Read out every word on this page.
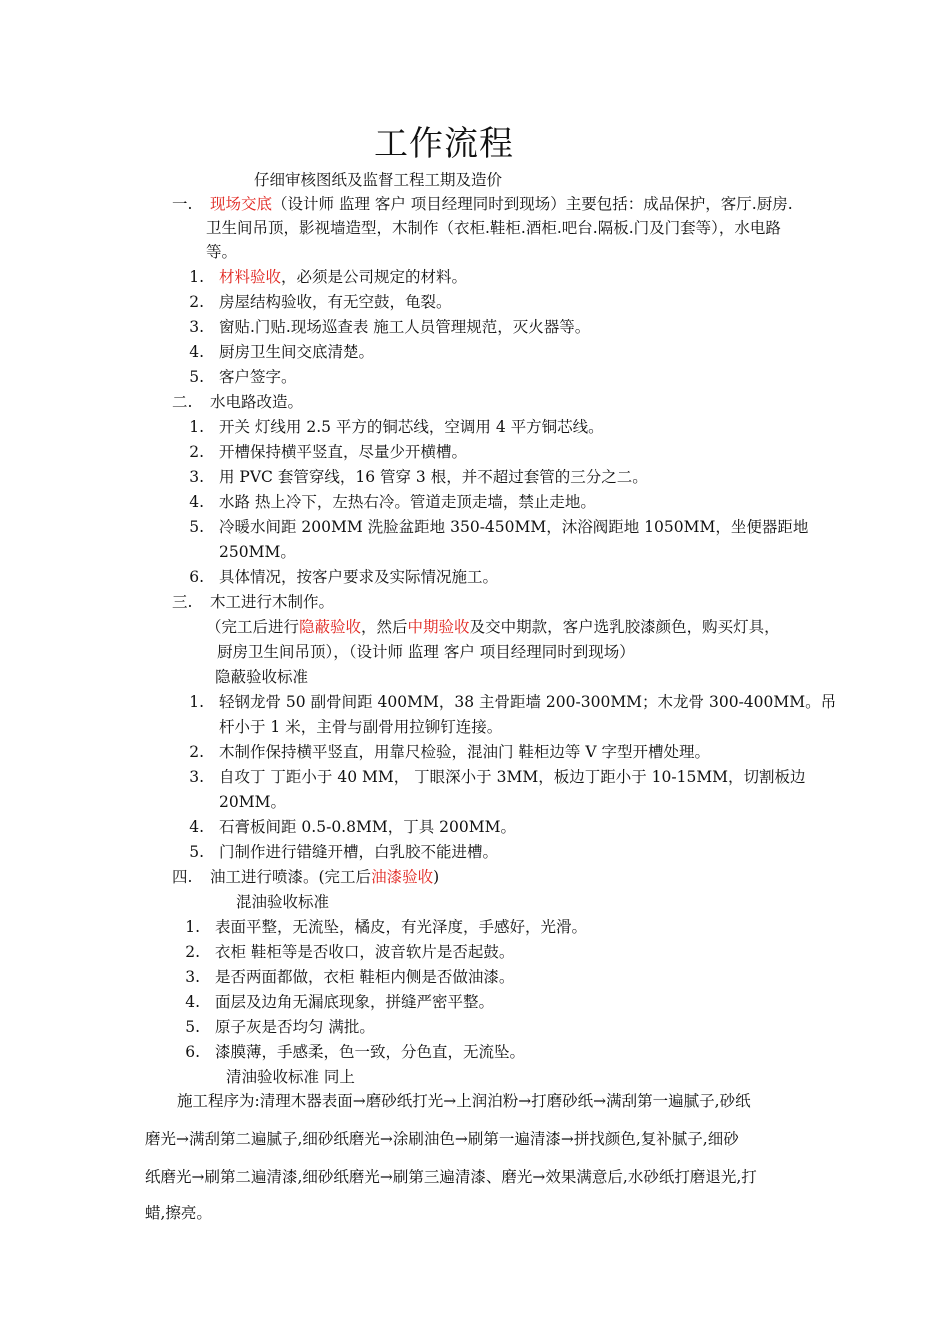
工作流程
仔细审核图纸及监督工程工期及造价
一. 现场交底（设计师 监理 客户 项目经理同时到现场）主要包括：成品保护，客厅.厨房.
卫生间吊顶，影视墙造型，木制作（衣柜.鞋柜.酒柜.吧台.隔板.门及门套等），水电路
等。
1. 材料验收，必须是公司规定的材料。
2. 房屋结构验收，有无空鼓，龟裂。
3. 窗贴.门贴.现场巡查表 施工人员管理规范，灭火器等。
4. 厨房卫生间交底清楚。
5. 客户签字。
二. 水电路改造。
1. 开关 灯线用 2.5 平方的铜芯线，空调用 4 平方铜芯线。
2. 开槽保持横平竖直，尽量少开横槽。
3. 用 PVC 套管穿线，16 管穿 3 根，并不超过套管的三分之二。
4. 水路 热上冷下，左热右冷。管道走顶走墙，禁止走地。
5. 冷暖水间距 200MM 洗脸盆距地 350-450MM，沐浴阀距地 1050MM，坐便器距地
250MM。
6. 具体情况，按客户要求及实际情况施工。
三. 木工进行木制作。
（完工后进行隐蔽验收，然后中期验收及交中期款，客户选乳胶漆颜色，购买灯具，
厨房卫生间吊顶），（设计师 监理 客户 项目经理同时到现场）
隐蔽验收标准
1. 轻钢龙骨 50 副骨间距 400MM，38 主骨距墙 200-300MM；木龙骨 300-400MM。吊
杆小于 1 米，主骨与副骨用拉铆钉连接。
2. 木制作保持横平竖直，用靠尺检验，混油门 鞋柜边等 V 字型开槽处理。
3. 自攻丁 丁距小于 40 MM， 丁眼深小于 3MM，板边丁距小于 10-15MM，切割板边
20MM。
4. 石膏板间距 0.5-0.8MM，丁具 200MM。
5. 门制作进行错缝开槽，白乳胶不能进槽。
四. 油工进行喷漆。(完工后油漆验收)
混油验收标准
1. 表面平整，无流坠，橘皮，有光泽度，手感好，光滑。
2. 衣柜 鞋柜等是否收口，波音软片是否起鼓。
3. 是否两面都做，衣柜 鞋柜内侧是否做油漆。
4. 面层及边角无漏底现象，拼缝严密平整。
5. 原子灰是否均匀 满批。
6. 漆膜薄，手感柔，色一致，分色直，无流坠。
清油验收标准 同上
施工程序为:清理木器表面→磨砂纸打光→上润泊粉→打磨砂纸→满刮第一遍腻子,砂纸
磨光→满刮第二遍腻子,细砂纸磨光→涂刷油色→刷第一遍清漆→拼找颜色,复补腻子,细砂
纸磨光→刷第二遍清漆,细砂纸磨光→刷第三遍清漆、磨光→效果满意后,水砂纸打磨退光,打
蜡,擦亮。
